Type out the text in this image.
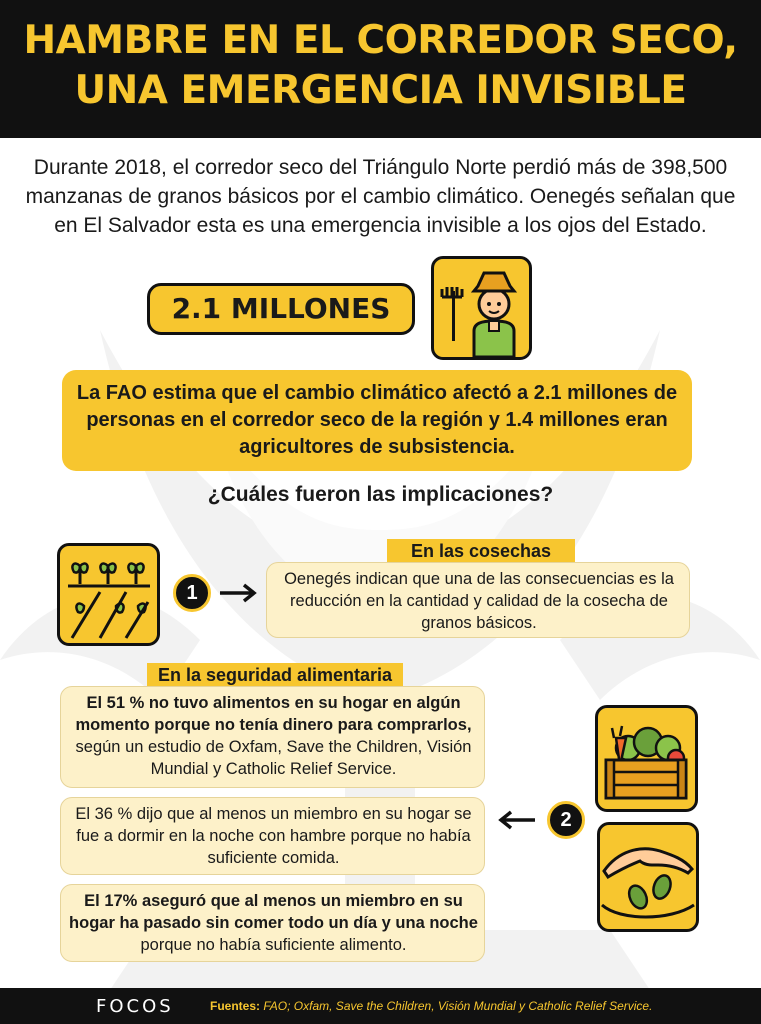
HAMBRE EN EL CORREDOR SECO,
UNA EMERGENCIA INVISIBLE
Durante 2018, el corredor seco del Triángulo Norte perdió más de 398,500 manzanas de granos básicos por el cambio climático. Oenegés señalan que en El Salvador esta es una emergencia invisible a los ojos del Estado.
2.1 MILLONES

La FAO estima que el cambio climático afectó a 2.1 millones de personas en el corredor seco de la región y 1.4 millones eran agricultores de subsistencia.

¿Cuáles fueron las implicaciones?
1
En las cosechas

Oenegés indican que una de las consecuencias es la reducción en la cantidad y calidad de la cosecha de granos básicos.

En la seguridad alimentaria

El 51 % no tuvo alimentos en su hogar en algún momento porque no tenía dinero para comprarlos, según un estudio de Oxfam, Save the Children, Visión Mundial y Catholic Relief Service.

El 36 % dijo que al menos un miembro en su hogar se fue a dormir en la noche con hambre porque no había suficiente comida.

El 17% aseguró que al menos un miembro en su hogar ha pasado sin comer todo un día y una noche porque no había suficiente alimento.

2
FOCOS	Fuentes: FAO; Oxfam, Save the Children, Visión Mundial y Catholic Relief Service.
